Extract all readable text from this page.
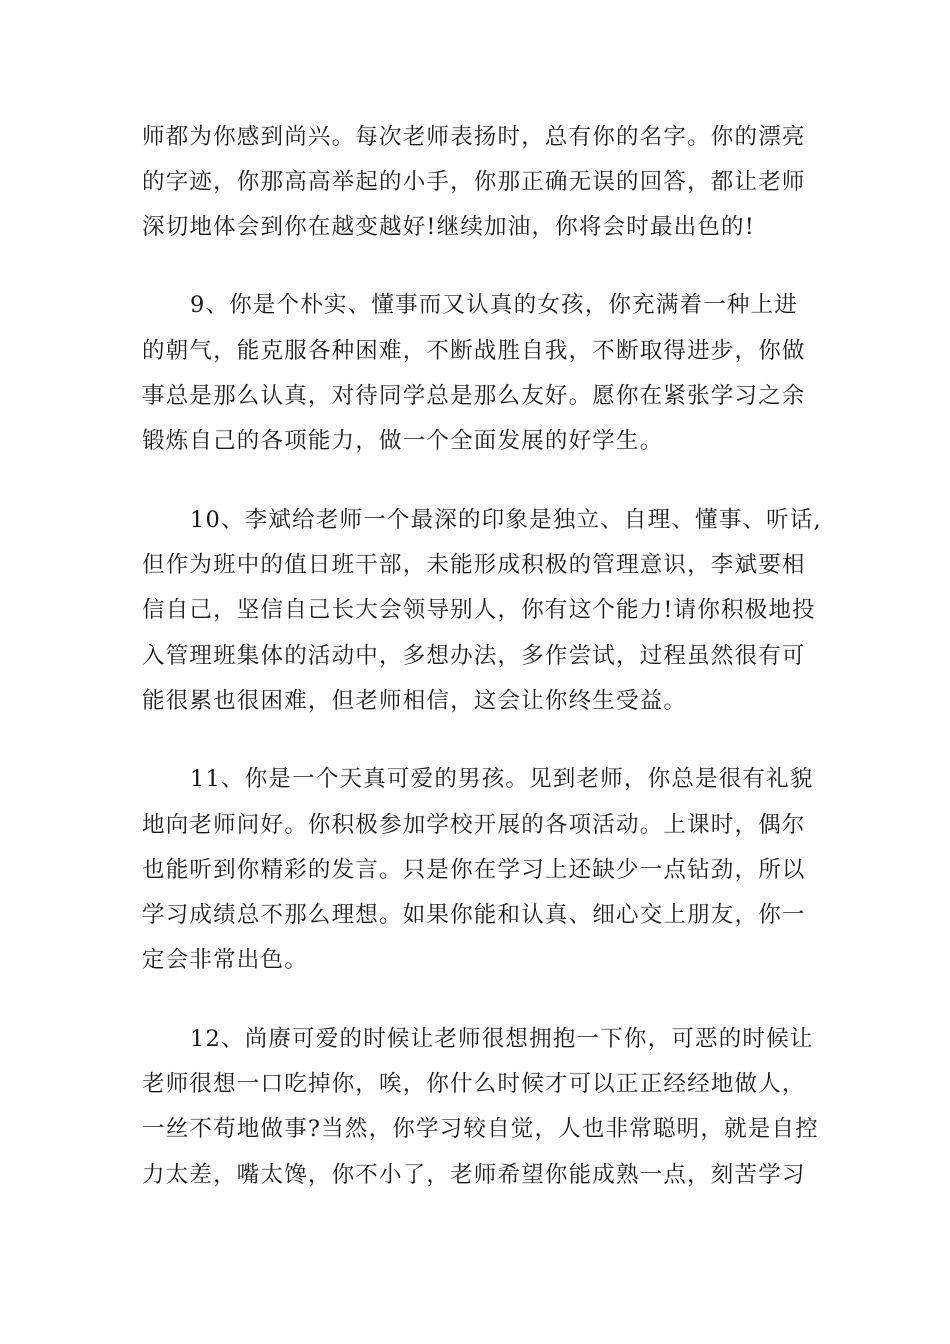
师都为你感到尚兴。每次老师表扬时，总有你的名字。你的漂亮
的字迹，你那高高举起的小手，你那正确无误的回答，都让老师
深切地体会到你在越变越好!继续加油，你将会时最出色的!
9、你是个朴实、懂事而又认真的女孩，你充满着一种上进
的朝气，能克服各种困难，不断战胜自我，不断取得进步，你做
事总是那么认真，对待同学总是那么友好。愿你在紧张学习之余
锻炼自己的各项能力，做一个全面发展的好学生。
10、李斌给老师一个最深的印象是独立、自理、懂事、听话,
但作为班中的值日班干部，未能形成积极的管理意识，李斌要相
信自己，坚信自己长大会领导别人，你有这个能力!请你积极地投
入管理班集体的活动中，多想办法，多作尝试，过程虽然很有可
能很累也很困难，但老师相信，这会让你终生受益。
11、你是一个天真可爱的男孩。见到老师，你总是很有礼貌
地向老师问好。你积极参加学校开展的各项活动。上课时，偶尔
也能听到你精彩的发言。只是你在学习上还缺少一点钻劲，所以
学习成绩总不那么理想。如果你能和认真、细心交上朋友，你一
定会非常出色。
12、尚赓可爱的时候让老师很想拥抱一下你，可恶的时候让
老师很想一口吃掉你，唉，你什么时候才可以正正经经地做人，
一丝不苟地做事?当然，你学习较自觉，人也非常聪明，就是自控
力太差，嘴太馋，你不小了，老师希望你能成熟一点，刻苦学习
